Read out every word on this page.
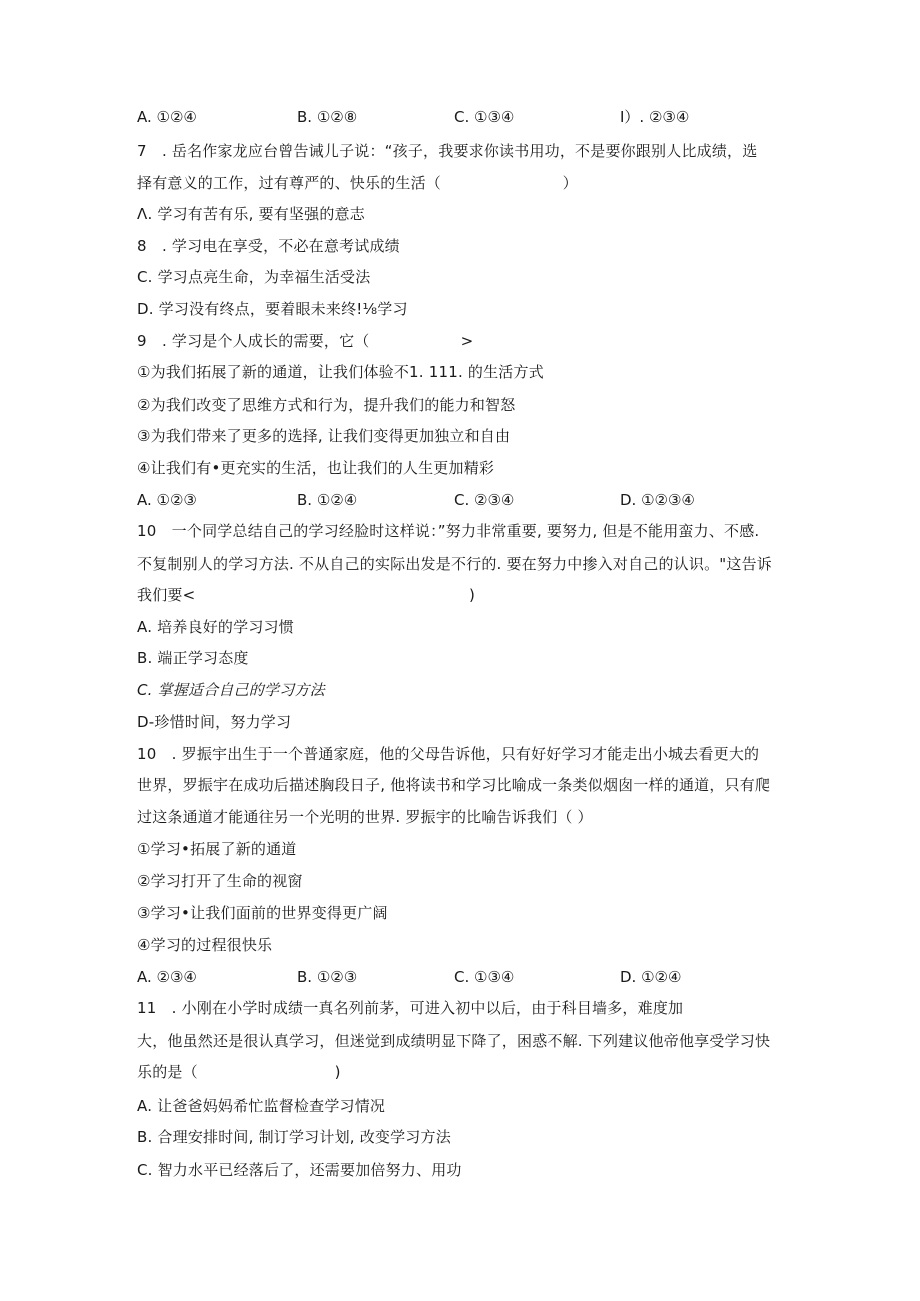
A. ①②④	B. ①②⑧	C. ①③④	I）. ②③④
7　. 岳名作家龙应台曾告诫儿子说：“孩子，我要求你读书用功，不是要你跟别人比成绩，选
择有意义的工作，过有尊严的、快乐的生活（　　　　　　　　）
Λ. 学习有苦有乐, 要有坚强的意志
8　. 学习电在享受，不必在意考试成绩
C. 学习点亮生命，为幸福生活受法
D. 学习没有终点，要着眼未来终!⅛学习
9　. 学习是个人成长的需要，它（　　　　　　>
①为我们拓展了新的通道，让我们体验不1. 111. 的生活方式
②为我们改变了思维方式和行为，提升我们的能力和智怒
③为我们带来了更多的选择, 让我们变得更加独立和自由
④让我们有•更充实的生活，也让我们的人生更加精彩
A. ①②③	B. ①②④	C. ②③④	D. ①②③④
10　一个同学总结自己的学习经脸时这样说：”努力非常重要, 要努力, 但是不能用蛮力、不感.
不复制别人的学习方法. 不从自己的实际出发是不行的. 要在努力中掺入对自己的认识。"这告诉
我们要<　　　　　　　　　　　　　　　　　　)
A. 培养良好的学习习惯
B. 端正学习态度
C. 掌握适合自己的学习方法
D-珍惜时间，努力学习
10　. 罗振宇出生于一个普通家庭，他的父母告诉他，只有好好学习才能走出小城去看更大的
世界，罗振宇在成功后描述胸段日子, 他将读书和学习比喻成一条类似烟囱一样的通道，只有爬
过这条通道才能通往另一个光明的世界. 罗振宇的比喻告诉我们（ ）
①学习•拓展了新的通道
②学习打开了生命的视窗
③学习•让我们面前的世界变得更广阔
④学习的过程很快乐
A. ②③④	B. ①②③	C. ①③④	D. ①②④
11　. 小刚在小学时成绩一真名列前茅，可进入初中以后，由于科目墙多，难度加
大，他虽然还是很认真学习，但迷觉到成绩明显下降了，困惑不解. 下列建议他帝他享受学习快
乐的是（　　　　　　　　　)
A. 让爸爸妈妈希忙监督检查学习情况
B. 合理安排时间, 制订学习计划, 改变学习方法
C. 智力水平已经落后了，还需要加倍努力、用功
